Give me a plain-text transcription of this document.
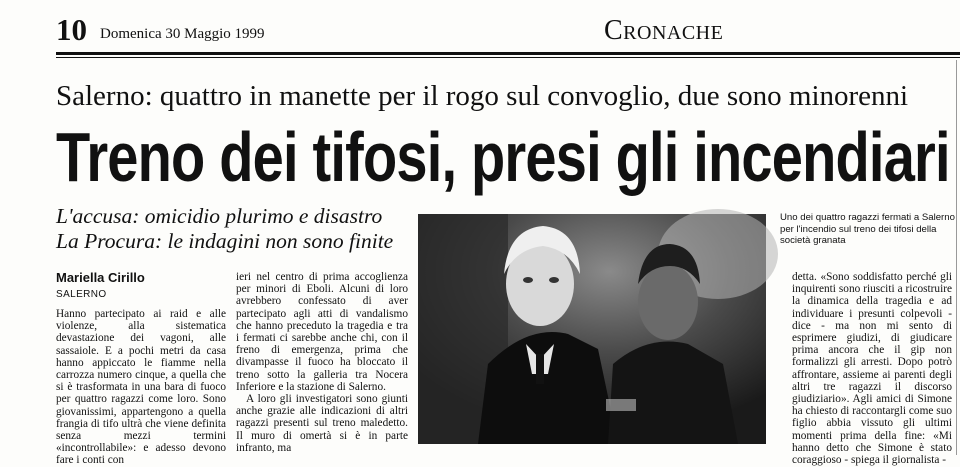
10 Domenica 30 Maggio 1999	Cronache
Salerno: quattro in manette per il rogo sul convoglio, due sono minorenni
Treno dei tifosi, presi gli incendiari
L'accusa: omicidio plurimo e disastro
La Procura: le indagini non sono finite
Mariella Cirillo
SALERNO

Hanno partecipato ai raid e alle violenze, alla sistematica devastazione dei vagoni, alle sassaiole. E a pochi metri da casa hanno appiccato le fiamme nella carrozza numero cinque, a quella che si è trasformata in una bara di fuoco per quattro ragazzi come loro. Sono giovanissimi, appartengono a quella frangia di tifo ultrà che viene definita senza mezzi termini «incontrollabile»: e adesso devono fare i conti con

ieri nel centro di prima accoglienza per minori di Eboli. Alcuni di loro avrebbero confessato di aver partecipato agli atti di vandalismo che hanno preceduto la tragedia e tra i fermati ci sarebbe anche chi, con il freno di emergenza, prima che divampasse il fuoco ha bloccato il treno sotto la galleria tra Nocera Inferiore e la stazione di Salerno.

A loro gli investigatori sono giunti anche grazie alle indicazioni di altri ragazzi presenti sul treno maledetto. Il muro di omertà si è in parte infranto, ma

Uno dei quattro ragazzi fermati a Salerno per l'incendio sul treno dei tifosi della società granata

detta. «Sono soddisfatto perché gli inquirenti sono riusciti a ricostruire la dinamica della tragedia e ad individuare i presunti colpevoli - dice - ma non mi sento di esprimere giudizi, di giudicare prima ancora che il gip non formalizzi gli arresti. Dopo potrò affrontare, assieme ai parenti degli altri tre ragazzi il discorso giudiziario». Agli amici di Simone ha chiesto di raccontargli come suo figlio abbia vissuto gli ultimi momenti prima della fine: «Mi hanno detto che Simone è stato coraggioso - spiega il giornalista -
